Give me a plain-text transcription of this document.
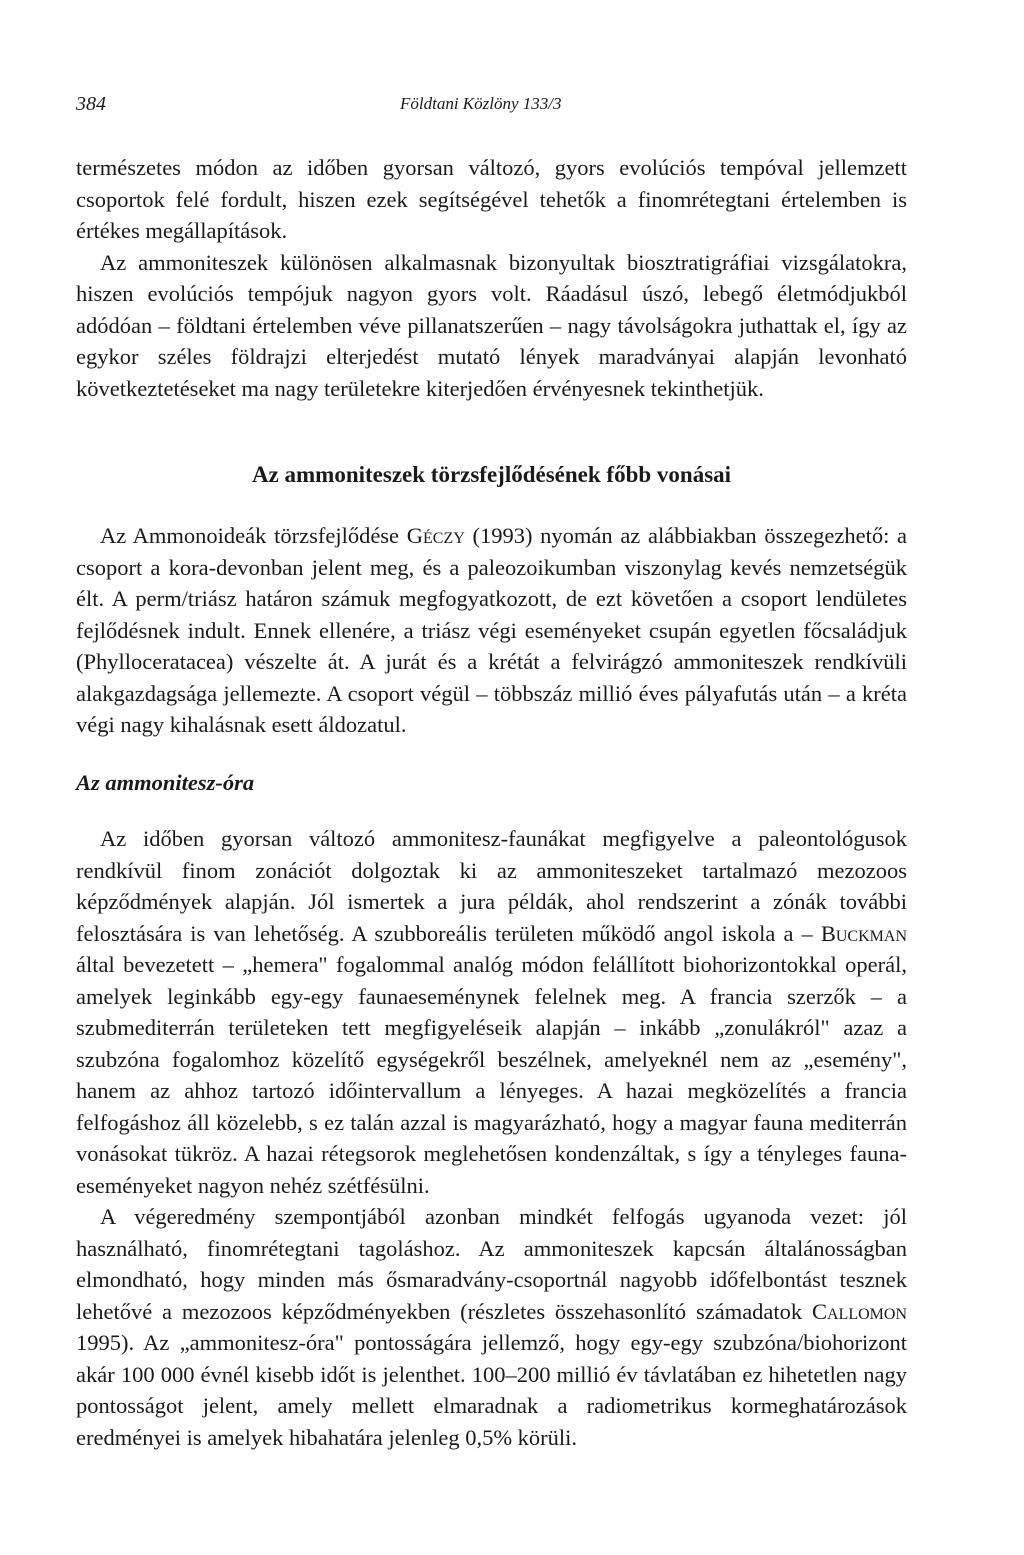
384	Földtani Közlöny 133/3

természetes módon az időben gyorsan változó, gyors evolúciós tempóval jellemzett csoportok felé fordult, hiszen ezek segítségével tehetők a finomrétegtani értelemben is értékes megállapítások.

Az ammoniteszek különösen alkalmasnak bizonyultak biosztratigráfiai vizsgálatokra, hiszen evolúciós tempójuk nagyon gyors volt. Ráadásul úszó, lebegő életmódjukból adódóan – földtani értelemben véve pillanatszerűen – nagy távolságokra juthattak el, így az egykor széles földrajzi elterjedést mutató lények maradványai alapján levonható következtetéseket ma nagy területekre kiterjedően érvényesnek tekinthetjük.

Az ammoniteszek törzsfejlődésének főbb vonásai

Az Ammonoideák törzsfejlődése Géczy (1993) nyomán az alábbiakban összegezhető: a csoport a kora-devonban jelent meg, és a paleozoikumban viszonylag kevés nemzetségük élt. A perm/triász határon számuk megfogyatkozott, de ezt követően a csoport lendületes fejlődésnek indult. Ennek ellenére, a triász végi eseményeket csupán egyetlen főcsaládjuk (Phylloceratacea) vészelte át. A jurát és a krétát a felvirágzó ammoniteszek rendkívüli alakgazdagsága jellemezte. A csoport végül – többszáz millió éves pályafutás után – a kréta végi nagy kihalásnak esett áldozatul.

Az ammonitesz-óra

Az időben gyorsan változó ammonitesz-faunákat megfigyelve a paleontológusok rendkívül finom zonációt dolgoztak ki az ammoniteszeket tartalmazó mezozoos képződmények alapján. Jól ismertek a jura példák, ahol rendszerint a zónák további felosztására is van lehetőség. A szubboreális területen működő angol iskola a – Buckman által bevezetett – „hemera" fogalommal analóg módon felállított biohorizontokkal operál, amelyek leginkább egy-egy faunaeseménynek felelnek meg. A francia szerzők – a szubmediterrán területeken tett megfigyeléseik alapján – inkább „zonulákról" azaz a szubzóna fogalomhoz közelítő egységekről beszélnek, amelyeknél nem az „esemény", hanem az ahhoz tartozó időintervallum a lényeges. A hazai megközelítés a francia felfogáshoz áll közelebb, s ez talán azzal is magyarázható, hogy a magyar fauna mediterrán vonásokat tükröz. A hazai rétegsorok meglehetősen kondenzáltak, s így a tényleges fauna-eseményeket nagyon nehéz szétfésülni.

A végeredmény szempontjából azonban mindkét felfogás ugyanoda vezet: jól használható, finomrétegtani tagoláshoz. Az ammoniteszek kapcsán általánosságban elmondható, hogy minden más ősmaradvány-csoportnál nagyobb időfelbontást tesznek lehetővé a mezozoos képződményekben (részletes összehasonlító számadatok Callomon 1995). Az „ammonitesz-óra" pontosságára jellemző, hogy egy-egy szubzóna/biohorizont akár 100 000 évnél kisebb időt is jelenthet. 100–200 millió év távlatában ez hihetetlen nagy pontosságot jelent, amely mellett elmaradnak a radiometrikus kormeghatározások eredményei is amelyek hibahatára jelenleg 0,5% körüli.
